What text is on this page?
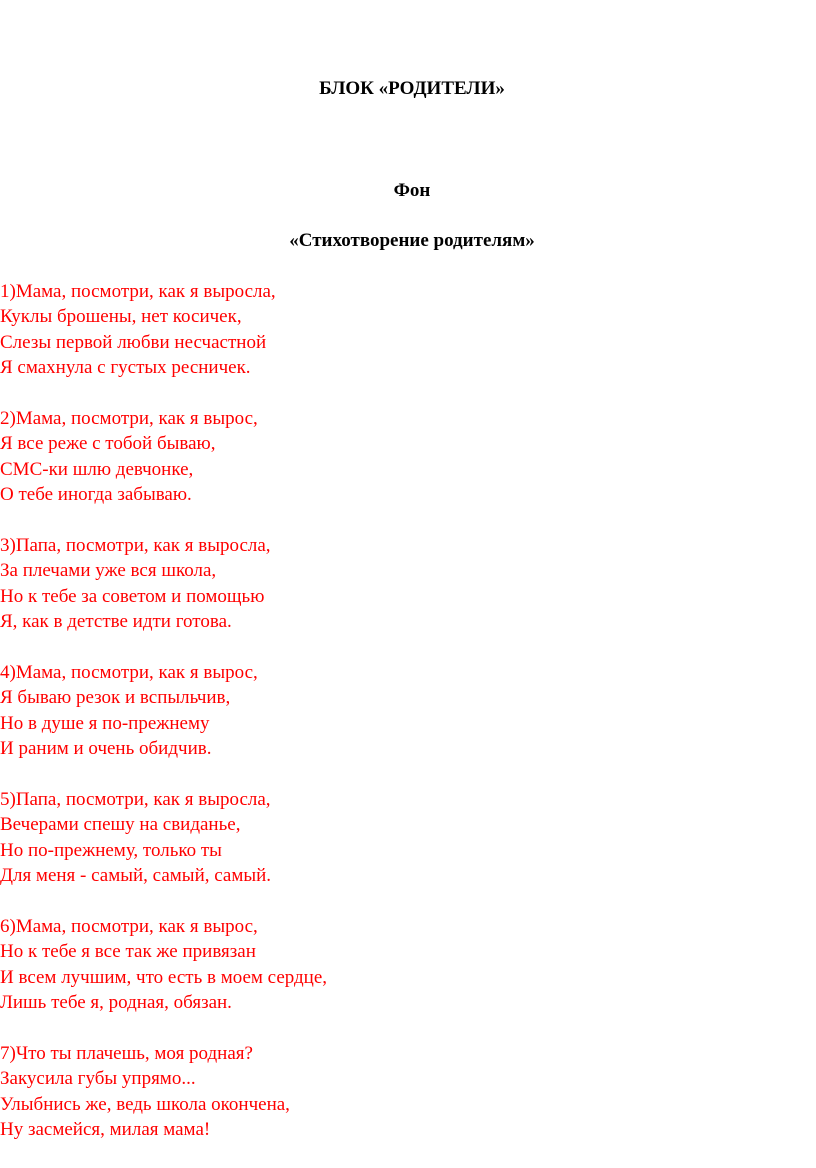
БЛОК «РОДИТЕЛИ»
Фон
«Стихотворение родителям»
1)Мама, посмотри, как я выросла,
Куклы брошены, нет косичек,
Слезы первой любви несчастной
Я смахнула с густых ресничек.
2)Мама, посмотри, как я вырос,
Я все реже с тобой бываю,
СМС-ки шлю девчонке,
О тебе иногда забываю.
3)Папа, посмотри, как я выросла,
За плечами уже вся школа,
Но к тебе за советом и помощью
Я, как в детстве идти готова.
4)Мама, посмотри, как я вырос,
Я бываю резок и вспыльчив,
Но в душе я по-прежнему
И раним и очень обидчив.
5)Папа, посмотри, как я выросла,
Вечерами спешу на свиданье,
Но по-прежнему, только ты
Для меня - самый, самый, самый.
6)Мама, посмотри, как я вырос,
Но к тебе я все так же привязан
И всем лучшим, что есть в моем сердце,
Лишь тебе я, родная, обязан.
7)Что ты плачешь, моя родная?
Закусила губы упрямо...
Улыбнись же, ведь школа окончена,
Ну засмейся, милая мама!
